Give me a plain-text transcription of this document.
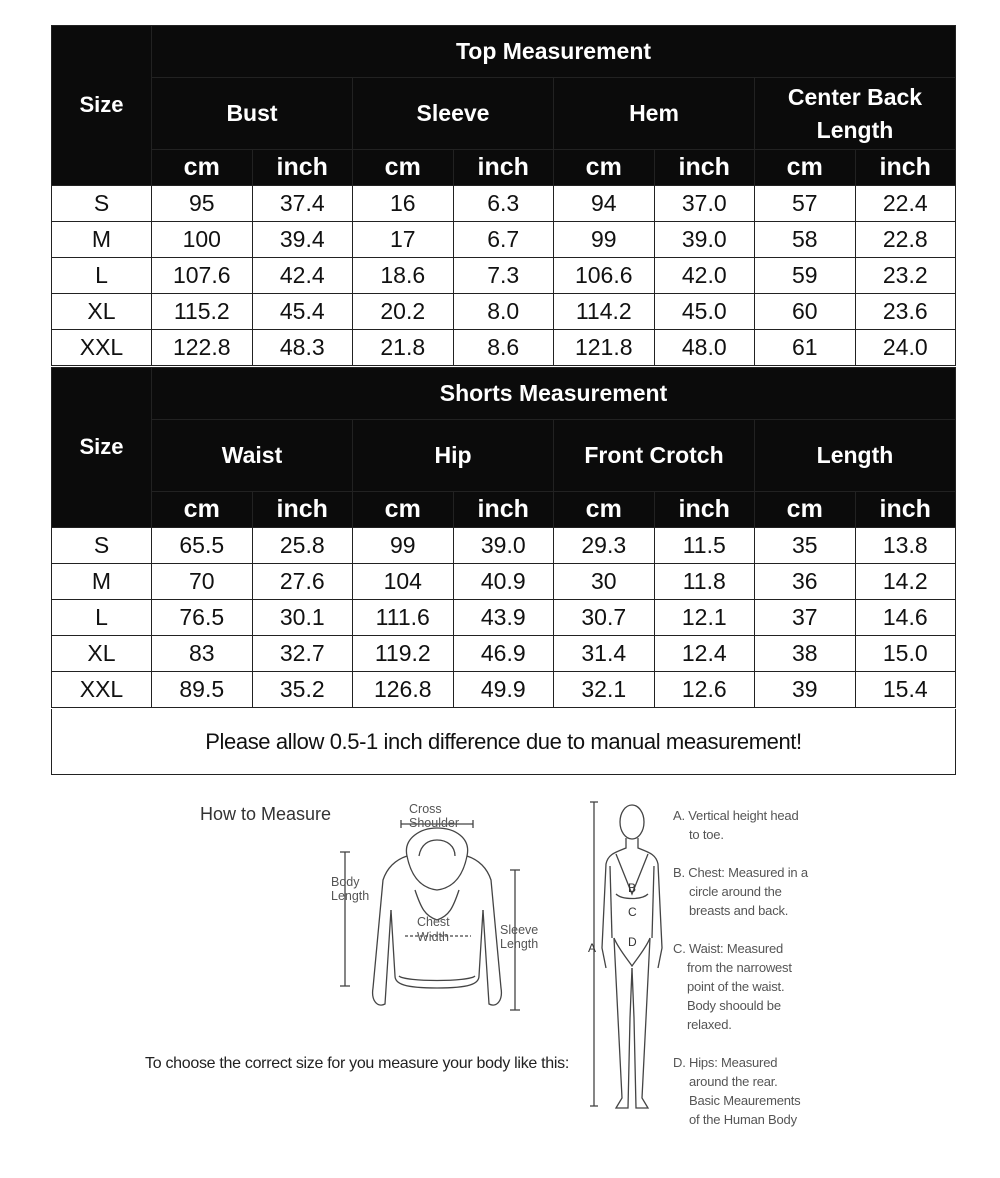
Size	Top Measurement							
	Bust		Sleeve		Hem		Center Back Length	
	cm	inch	cm	inch	cm	inch	cm	inch
S	95	37.4	16	6.3	94	37.0	57	22.4
M	100	39.4	17	6.7	99	39.0	58	22.8
L	107.6	42.4	18.6	7.3	106.6	42.0	59	23.2
XL	115.2	45.4	20.2	8.0	114.2	45.0	60	23.6
XXL	122.8	48.3	21.8	8.6	121.8	48.0	61	24.0
Size	Shorts Measurement							
	Waist		Hip		Front Crotch		Length	
	cm	inch	cm	inch	cm	inch	cm	inch
S	65.5	25.8	99	39.0	29.3	11.5	35	13.8
M	70	27.6	104	40.9	30	11.8	36	14.2
L	76.5	30.1	111.6	43.9	30.7	12.1	37	14.6
XL	83	32.7	119.2	46.9	31.4	12.4	38	15.0
XXL	89.5	35.2	126.8	49.9	32.1	12.6	39	15.4
Please allow 0.5-1 inch difference due to manual measurement!
How to Measure
To choose the correct size for you measure your body like this:
Cross
Shoulder
Body
Length
Chest
Width	Sleeve
Length	A
B
C
D
A. Vertical height head
to toe.
B. Chest: Measured in a
circle around the
breasts and back.
C. Waist: Measured
from the narrowest
point of the waist.
Body shoould be
relaxed.
D. Hips: Measured
around the rear.
Basic Meaurements
of the Human Body
